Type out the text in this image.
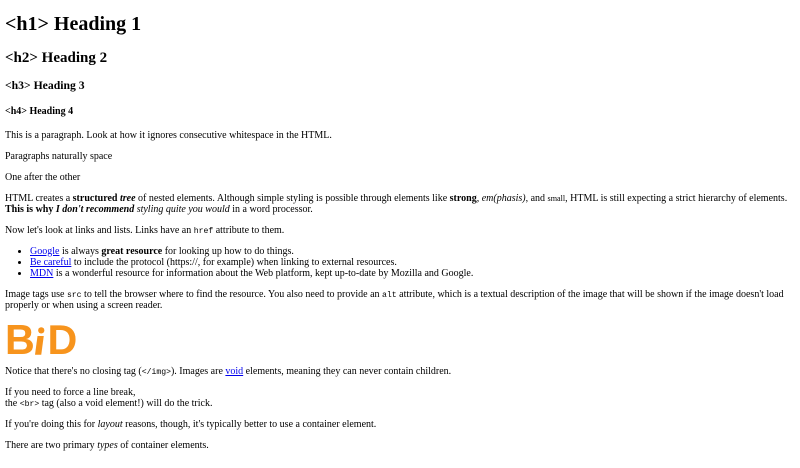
<h1> Heading 1
<h2> Heading 2
<h3> Heading 3
<h4> Heading 4

This is a paragraph. Look at how it ignores consecutive whitespace in the HTML.

Paragraphs naturally space

One after the other

HTML creates a structured tree of nested elements. Although simple styling is possible through elements like strong, em(phasis), and small, HTML is still expecting a strict hierarchy of elements.
This is why I don't recommend styling quite you would in a word processor.

Now let's look at links and lists. Links have an href attribute to them.

• Google is always great resource for looking up how to do things.
• Be careful to include the protocol (https://, for example) when linking to external resources.
• MDN is a wonderful resource for information about the Web platform, kept up-to-date by Mozilla and Google.

Image tags use src to tell the browser where to find the resource. You also need to provide an alt attribute, which is a textual description of the image that will be shown if the image doesn't load properly or when using a screen reader.

B D

Notice that there's no closing tag (</img>). Images are void elements, meaning they can never contain children.

If you need to force a line break,
the <br> tag (also a void element!) will do the trick.

If you're doing this for layout reasons, though, it's typically better to use a container element.

There are two primary types of container elements.
